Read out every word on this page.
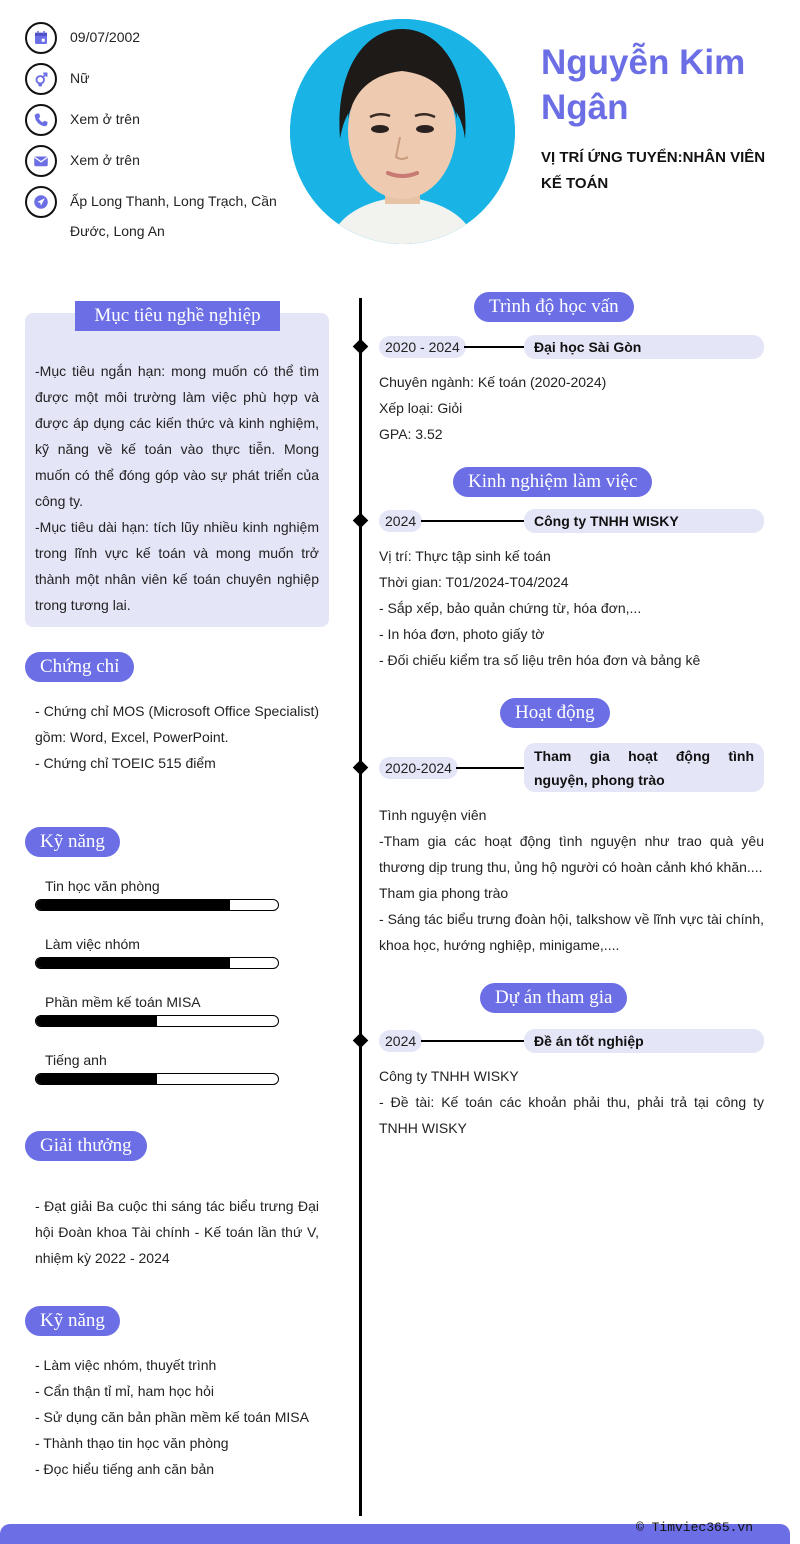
09/07/2002
Nữ
Xem ở trên
Xem ở trên
Ấp Long Thanh, Long Trạch, Cần
Đước, Long An
Nguyễn Kim
Ngân
VỊ TRÍ ỨNG TUYỂN:NHÂN VIÊN
KẾ TOÁN
Mục tiêu nghề nghiệp
-Mục tiêu ngắn hạn: mong muốn có thể tìm được một môi trường làm việc phù hợp và được áp dụng các kiến thức và kinh nghiệm, kỹ năng về kế toán vào thực tiễn. Mong muốn có thể đóng góp vào sự phát triển của công ty.
-Mục tiêu dài hạn: tích lũy nhiều kinh nghiệm trong lĩnh vực kế toán và mong muốn trở thành một nhân viên kế toán chuyên nghiệp trong tương lai.
Chứng chỉ
- Chứng chỉ MOS (Microsoft Office Specialist) gồm: Word, Excel, PowerPoint.
- Chứng chỉ TOEIC 515 điểm
Kỹ năng
Tin học văn phòng
Làm việc nhóm
Phần mềm kế toán MISA
Tiếng anh
Giải thưởng
- Đạt giải Ba cuộc thi sáng tác biểu trưng Đại hội Đoàn khoa Tài chính - Kế toán lần thứ V, nhiệm kỳ 2022 - 2024
Kỹ năng
- Làm việc nhóm, thuyết trình
- Cẩn thận tỉ mỉ, ham học hỏi
- Sử dụng căn bản phần mềm kế toán MISA
- Thành thạo tin học văn phòng
- Đọc hiểu tiếng anh căn bản
Trình độ học vấn
2020 - 2024	Đại học Sài Gòn
Chuyên ngành: Kế toán (2020-2024)
Xếp loại: Giỏi
GPA: 3.52
Kinh nghiệm làm việc
2024	Công ty TNHH WISKY
Vị trí: Thực tập sinh kế toán
Thời gian: T01/2024-T04/2024
- Sắp xếp, bảo quản chứng từ, hóa đơn,...
- In hóa đơn, photo giấy tờ
- Đối chiếu kiểm tra số liệu trên hóa đơn và bảng kê
Hoạt động
2020-2024
Tham gia hoạt động tình nguyện, phong trào
Tình nguyện viên
-Tham gia các hoạt động tình nguyện như trao quà yêu thương dịp trung thu, ủng hộ người có hoàn cảnh khó khăn....
Tham gia phong trào
- Sáng tác biểu trưng đoàn hội, talkshow về lĩnh vực tài chính, khoa học, hướng nghiệp, minigame,....
Dự án tham gia
2024	Đề án tốt nghiệp
Công ty TNHH WISKY
- Đề tài: Kế toán các khoản phải thu, phải trả tại công ty TNHH WISKY
© Timviec365.vn
